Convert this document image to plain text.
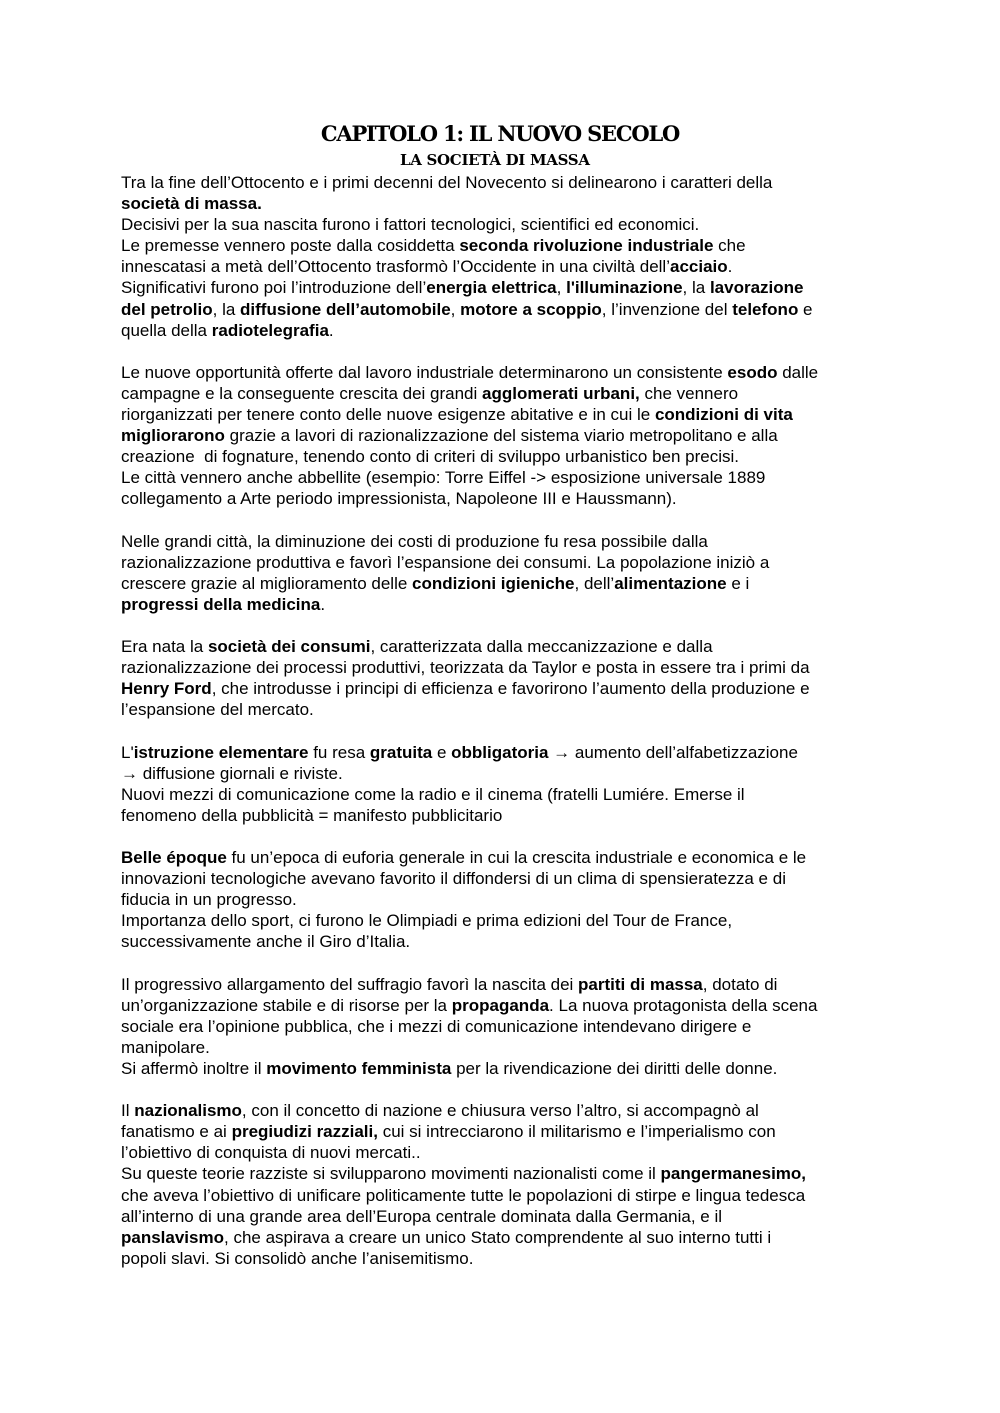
CAPITOLO 1: IL NUOVO SECOLO
LA SOCIETÀ DI MASSA
Tra la fine dell’Ottocento e i primi decenni del Novecento si delinearono i caratteri della
società di massa.
Decisivi per la sua nascita furono i fattori tecnologici, scientifici ed economici.
Le premesse vennero poste dalla cosiddetta seconda rivoluzione industriale che
innescatasi a metà dell’Ottocento trasformò l’Occidente in una civiltà dell’acciaio.
Significativi furono poi l’introduzione dell’energia elettrica, l'illuminazione, la lavorazione
del petrolio, la diffusione dell’automobile, motore a scoppio, l’invenzione del telefono e
quella della radiotelegrafia.
Le nuove opportunità offerte dal lavoro industriale determinarono un consistente esodo dalle
campagne e la conseguente crescita dei grandi agglomerati urbani, che vennero
riorganizzati per tenere conto delle nuove esigenze abitative e in cui le condizioni di vita
migliorarono grazie a lavori di razionalizzazione del sistema viario metropolitano e alla
creazione  di fognature, tenendo conto di criteri di sviluppo urbanistico ben precisi.
Le città vennero anche abbellite (esempio: Torre Eiffel -> esposizione universale 1889
collegamento a Arte periodo impressionista, Napoleone III e Haussmann).
Nelle grandi città, la diminuzione dei costi di produzione fu resa possibile dalla
razionalizzazione produttiva e favorì l’espansione dei consumi. La popolazione iniziò a
crescere grazie al miglioramento delle condizioni igieniche, dell’alimentazione e i
progressi della medicina.
Era nata la società dei consumi, caratterizzata dalla meccanizzazione e dalla
razionalizzazione dei processi produttivi, teorizzata da Taylor e posta in essere tra i primi da
Henry Ford, che introdusse i principi di efficienza e favorirono l’aumento della produzione e
l’espansione del mercato.
L'istruzione elementare fu resa gratuita e obbligatoria → aumento dell’alfabetizzazione
→ diffusione giornali e riviste.
Nuovi mezzi di comunicazione come la radio e il cinema (fratelli Lumiére. Emerse il
fenomeno della pubblicità = manifesto pubblicitario
Belle époque fu un’epoca di euforia generale in cui la crescita industriale e economica e le
innovazioni tecnologiche avevano favorito il diffondersi di un clima di spensieratezza e di
fiducia in un progresso.
Importanza dello sport, ci furono le Olimpiadi e prima edizioni del Tour de France,
successivamente anche il Giro d’Italia.
Il progressivo allargamento del suffragio favorì la nascita dei partiti di massa, dotato di
un’organizzazione stabile e di risorse per la propaganda. La nuova protagonista della scena
sociale era l’opinione pubblica, che i mezzi di comunicazione intendevano dirigere e
manipolare.
Si affermò inoltre il movimento femminista per la rivendicazione dei diritti delle donne.
Il nazionalismo, con il concetto di nazione e chiusura verso l’altro, si accompagnò al
fanatismo e ai pregiudizi razziali, cui si intrecciarono il militarismo e l’imperialismo con
l’obiettivo di conquista di nuovi mercati..
Su queste teorie razziste si svilupparono movimenti nazionalisti come il pangermanesimo,
che aveva l’obiettivo di unificare politicamente tutte le popolazioni di stirpe e lingua tedesca
all’interno di una grande area dell’Europa centrale dominata dalla Germania, e il
panslavismo, che aspirava a creare un unico Stato comprendente al suo interno tutti i
popoli slavi. Si consolidò anche l’anisemitismo.
